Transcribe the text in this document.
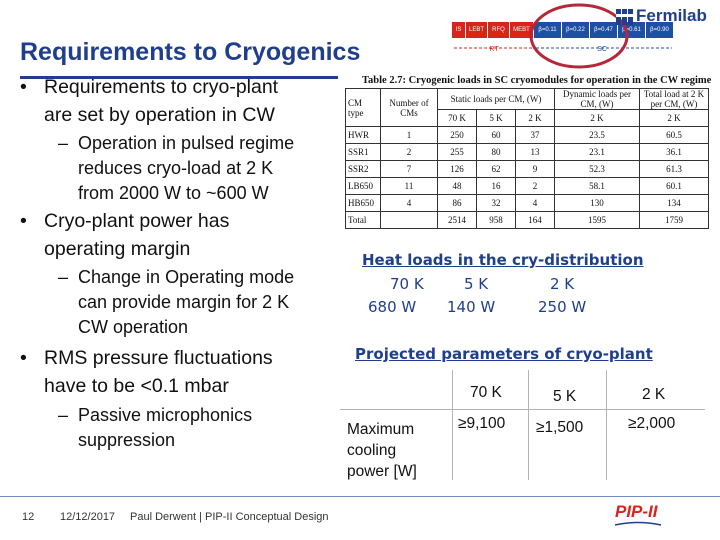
Requirements to Cryogenics
IS	LEBT	RFQ	MEBT	β=0.11	β=0.22	β=0.47	β=0.61	β=0.90
RT	SC
Fermilab
• Requirements to cryo-plant
are set by operation in CW
– Operation in pulsed regime
reduces cryo-load at 2 K
from 2000 W to ~600 W
• Cryo-plant power has
operating margin
– Change in Operating mode
can provide margin for 2 K
CW operation
• RMS pressure fluctuations
have to be <0.1 mbar
– Passive microphonics
suppression
Table 2.7: Cryogenic loads in SC cryomodules for operation in the CW regime
CM type	Number of CMs	Static loads per CM, (W)			Dynamic loads per CM, (W)	Total load at 2 K per CM, (W)
		70 K	5 K	2 K	2 K	2 K
HWR	1	250	60	37	23.5	60.5
SSR1	2	255	80	13	23.1	36.1
SSR2	7	126	62	9	52.3	61.3
LB650	11	48	16	2	58.1	60.1
HB650	4	86	32	4	130	134
Total		2514	958	164	1595	1759
Heat loads in the cry-distribution
70 K	5 K	2 K
680 W 140 W	250 W
Projected parameters of cryo-plant
70 K	5 K	2 K
Maximum
cooling
power [W]
≥9,100 ≥1,500	≥2,000
12 12/12/2017 Paul Derwent | PIP-II Conceptual Design	PIP-II
